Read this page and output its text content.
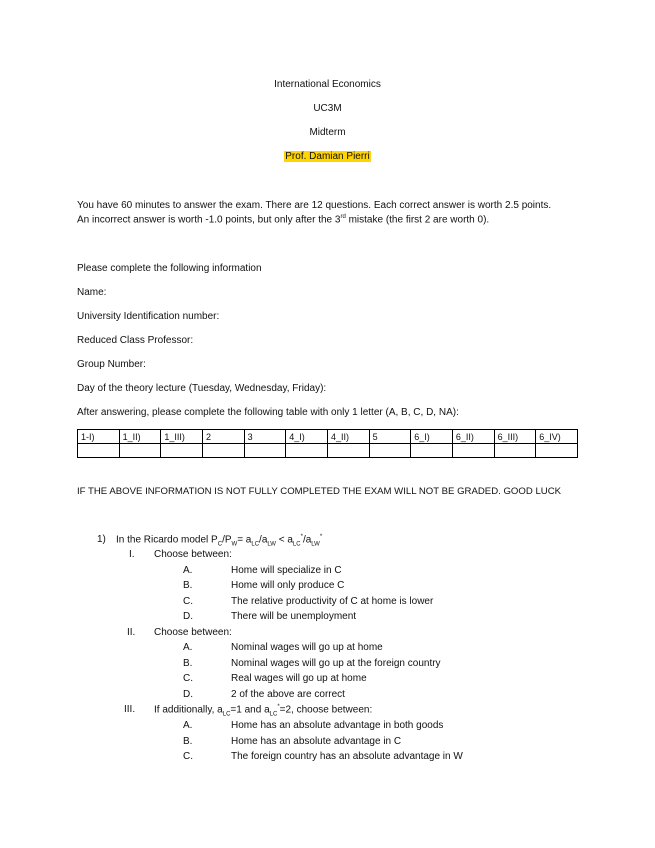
International Economics
UC3M
Midterm
Prof. Damian Pierri
You have 60 minutes to answer the exam. There are 12 questions. Each correct answer is worth 2.5 points.
An incorrect answer is worth -1.0 points, but only after the 3rd mistake (the first 2 are worth 0).
Please complete the following information
Name:
University Identification number:
Reduced Class Professor:
Group Number:
Day of the theory lecture (Tuesday, Wednesday, Friday):
After answering, please complete the following table with only 1 letter (A, B, C, D, NA):
1-I)	1_II)	1_III)	2	3	4_I)	4_II)	5	6_I)	6_II)	6_III)	6_IV)

IF THE ABOVE INFORMATION IS NOT FULLY COMPLETED THE EXAM WILL NOT BE GRADED. GOOD LUCK
1) In the Ricardo model $P_C/P_W= a_{LC}/a_{LW} < a_{LC}^*/a_{LW}^*$
I. Choose between:
A.	Home will specialize in C
B.	Home will only produce C
C.	The relative productivity of C at home is lower
D.	There will be unemployment
II. Choose between:
A.	Nominal wages will go up at home
B.	Nominal wages will go up at the foreign country
C.	Real wages will go up at home
D.	2 of the above are correct
III. If additionally, $a_{LC}=1$ and $a_{LC}^*=2$, choose between:
A.	Home has an absolute advantage in both goods
B.	Home has an absolute advantage in C
C.	The foreign country has an absolute advantage in W
